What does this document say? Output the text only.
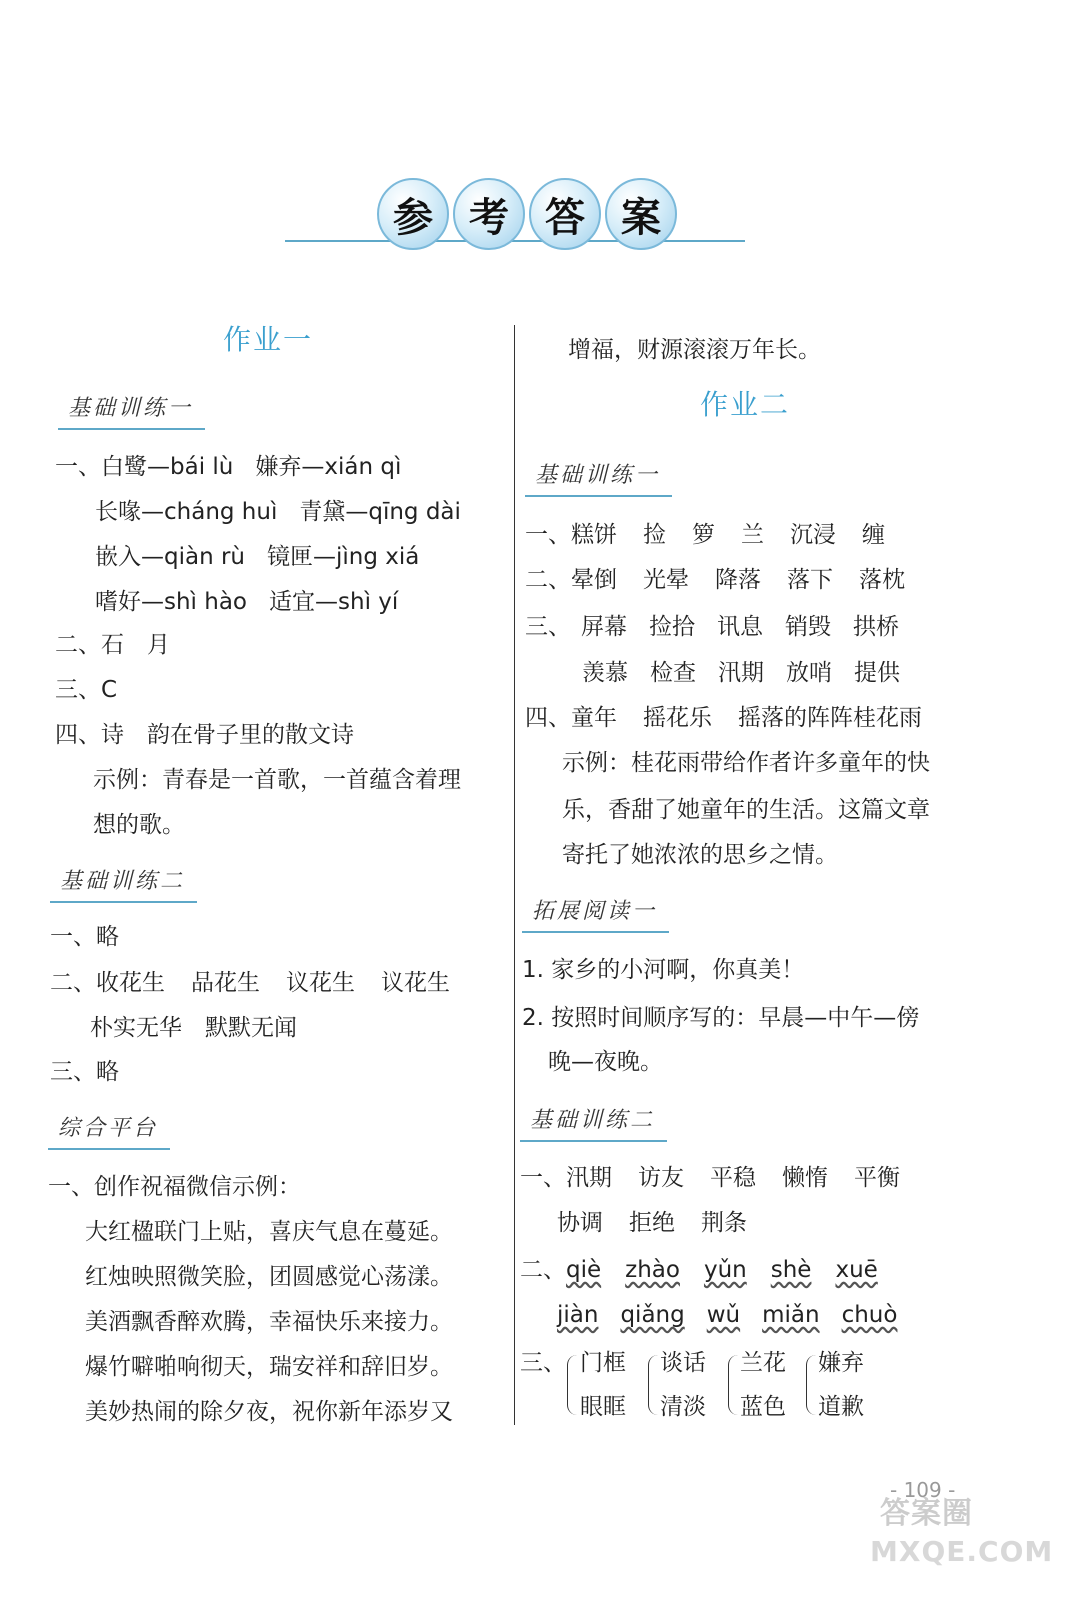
参 考 答 案
作业一
基础训练一
一、白鹭—bái lù 嫌弃—xián qì
长喙—cháng huì 青黛—qīng dài
嵌入—qiàn rù 镜匣—jìng xiá
嗜好—shì hào 适宜—shì yí
二、石　月
三、C
四、诗　韵在骨子里的散文诗
示例：青春是一首歌，一首蕴含着理
想的歌。
基础训练二
一、略
二、收花生 品花生 议花生 议花生
朴实无华　默默无闻
三、略
综合平台
一、创作祝福微信示例：
大红楹联门上贴，喜庆气息在蔓延。
红烛映照微笑脸，团圆感觉心荡漾。
美酒飘香醉欢腾，幸福快乐来接力。
爆竹噼啪响彻天，瑞安祥和辞旧岁。
美妙热闹的除夕夜，祝你新年添岁又
增福，财源滚滚万年长。
作业二
基础训练一
一、糕饼 捡 箩 兰 沉浸 缠
二、晕倒 光晕 降落 落下 落枕
三、 屏幕 捡拾 讯息 销毁 拱桥
羡慕 检查 汛期 放哨 提供
四、童年 摇花乐 摇落的阵阵桂花雨
示例：桂花雨带给作者许多童年的快
乐，香甜了她童年的生活。这篇文章
寄托了她浓浓的思乡之情。
拓展阅读一
1. 家乡的小河啊，你真美！
2. 按照时间顺序写的：早晨—中午—傍
晚—夜晚。
基础训练二
一、汛期 访友 平稳 懒惰 平衡
协调 拒绝 荆条
二、qiè zhào yǔn shè xuē
jiàn qiǎng wǔ miǎn chuò
三、 门框
眼眶
谈话
清淡
兰花
蓝色
嫌弃
道歉
- 109 -
答案圈
MXQE.COM
